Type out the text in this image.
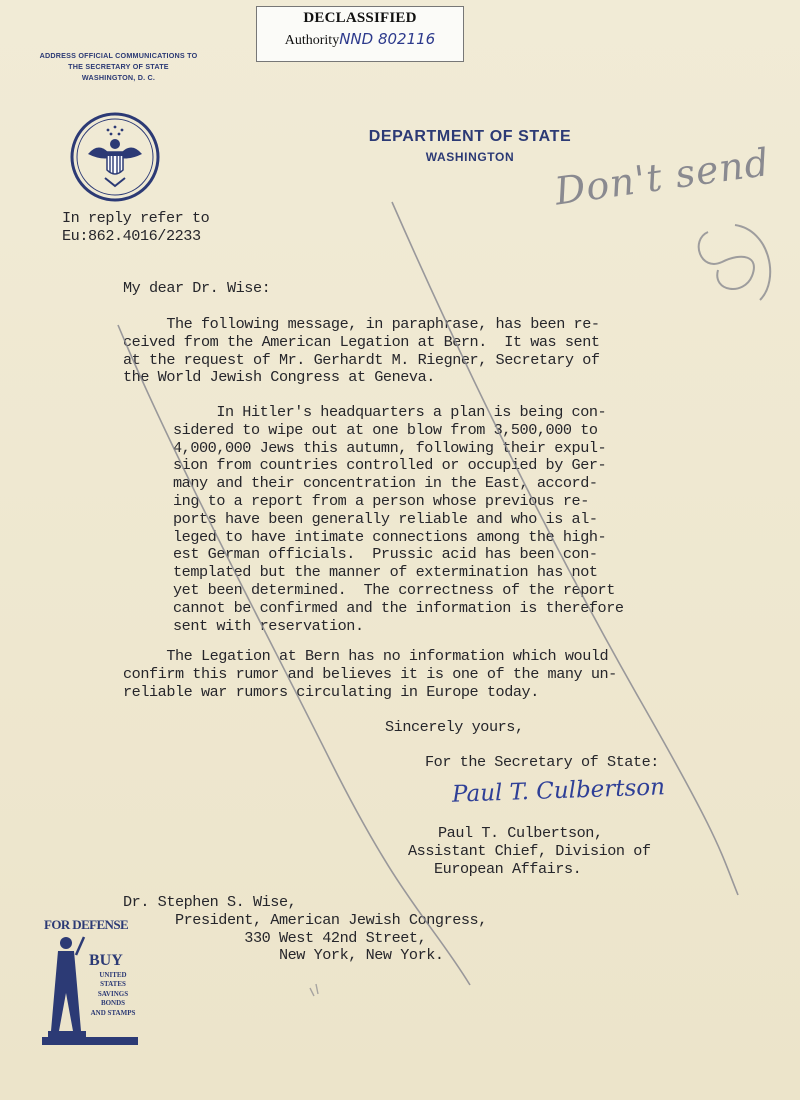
DECLASSIFIED
AuthorityNND 802116
ADDRESS OFFICIAL COMMUNICATIONS TO
THE SECRETARY OF STATE
WASHINGTON, D. C.
DEPARTMENT OF STATE
WASHINGTON
In reply refer to
Eu:862.4016/2233
Don't send
My dear Dr. Wise:
The following message, in paraphrase, has been re-
ceived from the American Legation at Bern.  It was sent
at the request of Mr. Gerhardt M. Riegner, Secretary of
the World Jewish Congress at Geneva.
In Hitler's headquarters a plan is being con-
sidered to wipe out at one blow from 3,500,000 to
4,000,000 Jews this autumn, following their expul-
sion from countries controlled or occupied by Ger-
many and their concentration in the East, accord-
ing to a report from a person whose previous re-
ports have been generally reliable and who is al-
leged to have intimate connections among the high-
est German officials.  Prussic acid has been con-
templated but the manner of extermination has not
yet been determined.  The correctness of the report
cannot be confirmed and the information is therefore
sent with reservation.
The Legation at Bern has no information which would
confirm this rumor and believes it is one of the many un-
reliable war rumors circulating in Europe today.
Sincerely yours,
For the Secretary of State:
Paul T. Culbertson
Paul T. Culbertson,
Assistant Chief, Division of
European Affairs.
Dr. Stephen S. Wise,
President, American Jewish Congress,
330 West 42nd Street,
New York, New York.
FOR DEFENSE
BUY
UNITED
STATES
SAVINGS
BONDS
AND STAMPS
